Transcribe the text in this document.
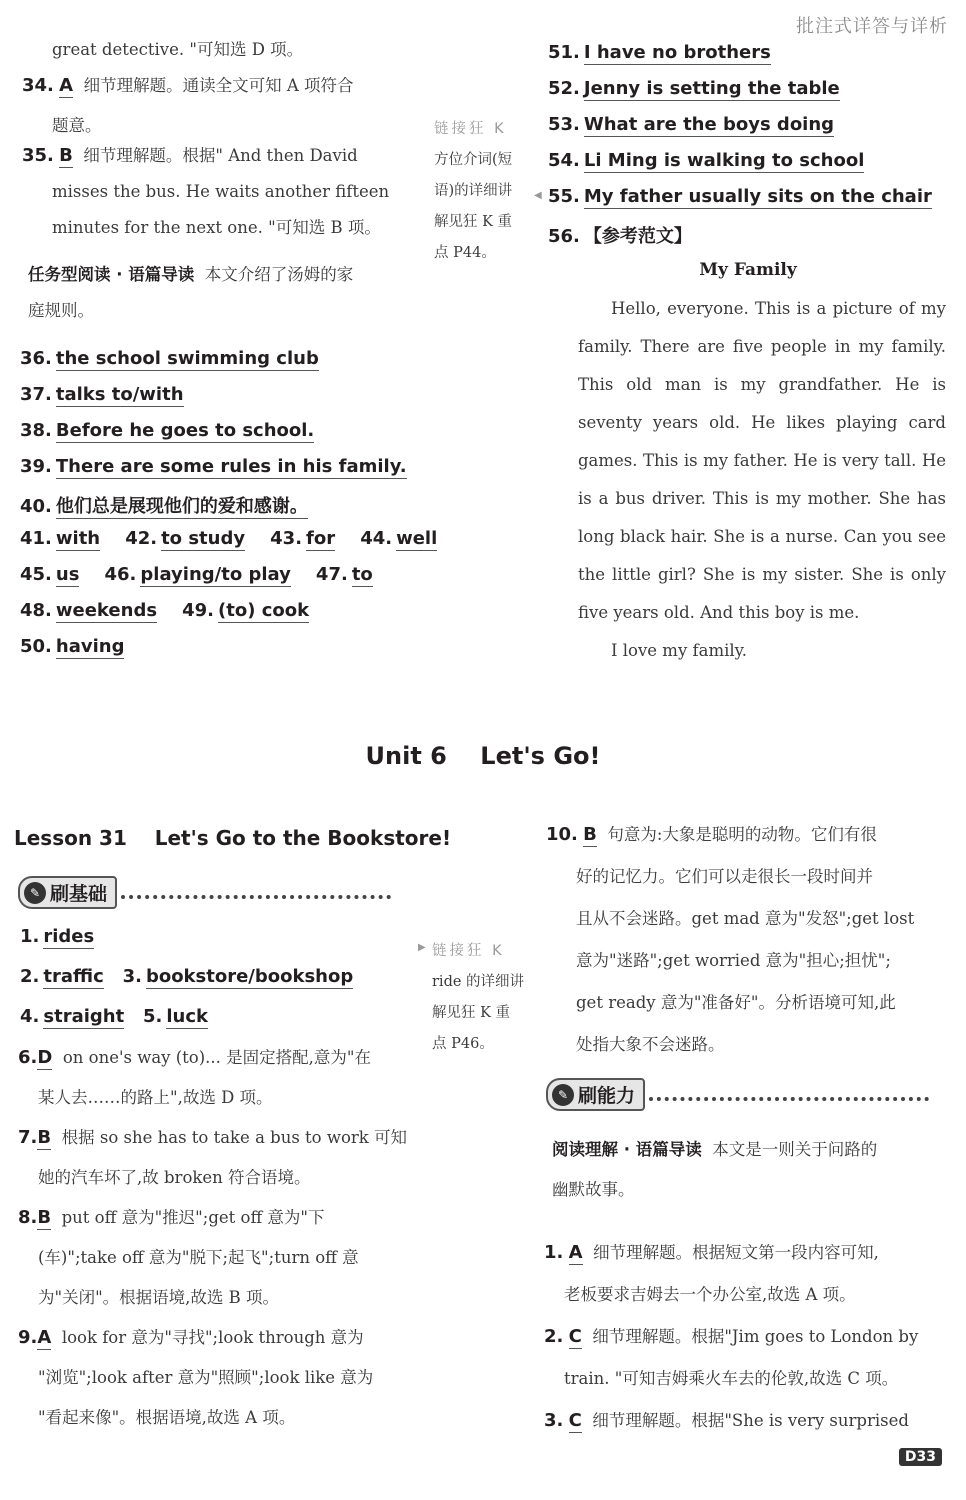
批注式详答与详析
great detective. "可知选 D 项。
34. A 细节理解题。通读全文可知 A 项符合
题意。
35. B 细节理解题。根据" And then David
misses the bus. He waits another fifteen
minutes for the next one. "可知选 B 项。
任务型阅读 · 语篇导读 本文介绍了汤姆的家
庭规则。
36. the school swimming club
37. talks to/with
38. Before he goes to school.
39. There are some rules in his family.
40. 他们总是展现他们的爱和感谢。
41. with 42. to study 43. for 44. well
45. us 46. playing/to play 47. to
48. weekends 49. (to) cook
50. having
链接狂 K
方位介词(短
语)的详细讲
解见狂 K 重
点 P44。
◀
51. I have no brothers
52. Jenny is setting the table
53. What are the boys doing
54. Li Ming is walking to school
55. My father usually sits on the chair
56. 【参考范文】
My Family

Hello, everyone. This is a picture of my family. There are five people in my family. This old man is my grandfather. He is seventy years old. He likes playing card games. This is my father. He is very tall. He is a bus driver. This is my mother. She has long black hair. She is a nurse. Can you see the little girl? She is my sister. She is only five years old. And this boy is me.

I love my family.

Unit 6    Let's Go!
Lesson 31    Let's Go to the Bookstore!
✎ 刷基础
1. rides
2. traffic 3. bookstore/bookshop
4. straight 5. luck
6.D on one's way (to)... 是固定搭配,意为"在
某人去……的路上",故选 D 项。
7.B 根据 so she has to take a bus to work 可知
她的汽车坏了,故 broken 符合语境。
8.B put off 意为"推迟";get off 意为"下
(车)";take off 意为"脱下;起飞";turn off 意
为"关闭"。根据语境,故选 B 项。
9.A look for 意为"寻找";look through 意为
"浏览";look after 意为"照顾";look like 意为
"看起来像"。根据语境,故选 A 项。
▶ 链接狂 K
ride 的详细讲
解见狂 K 重
点 P46。
10. B 句意为:大象是聪明的动物。它们有很
好的记忆力。它们可以走很长一段时间并
且从不会迷路。get mad 意为"发怒";get lost
意为"迷路";get worried 意为"担心;担忧";
get ready 意为"准备好"。分析语境可知,此
处指大象不会迷路。
✎ 刷能力
阅读理解 · 语篇导读 本文是一则关于问路的
幽默故事。
1. A 细节理解题。根据短文第一段内容可知,
老板要求吉姆去一个办公室,故选 A 项。
2. C 细节理解题。根据"Jim goes to London by
train. "可知吉姆乘火车去的伦敦,故选 C 项。
3. C 细节理解题。根据"She is very surprised
D33
